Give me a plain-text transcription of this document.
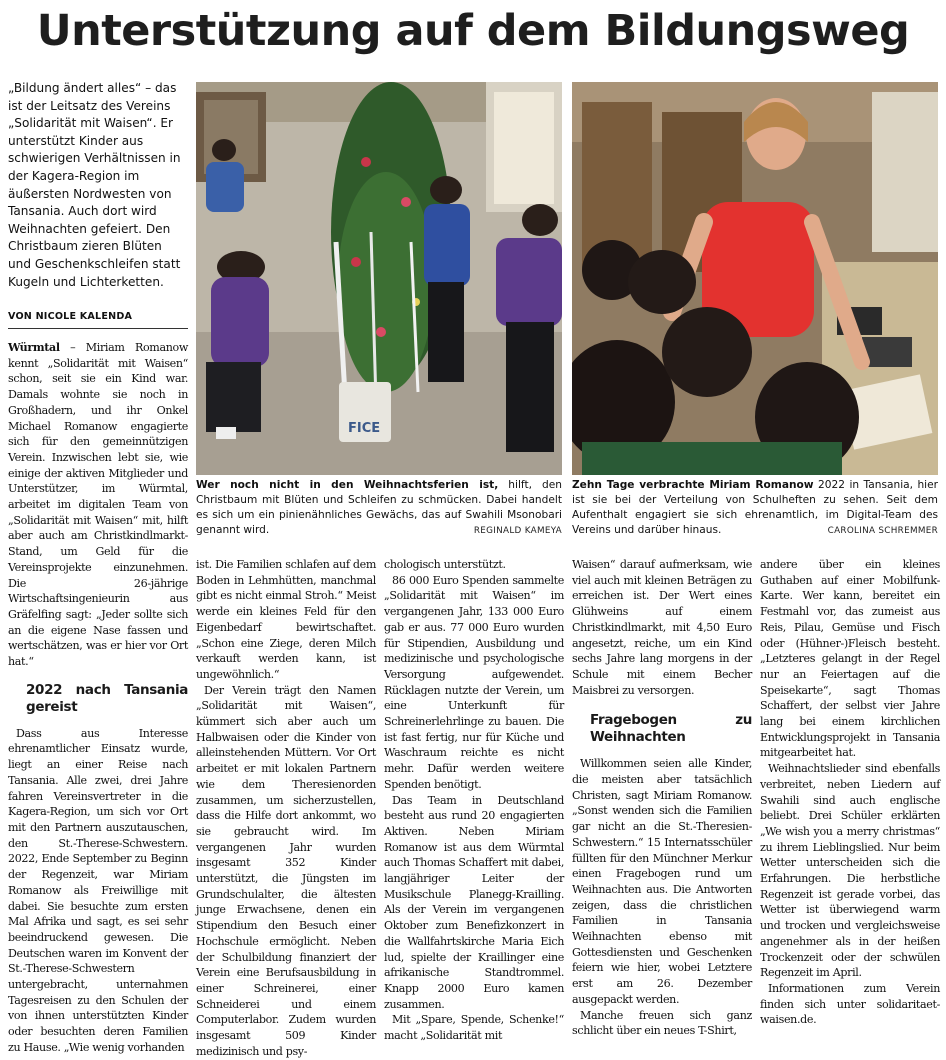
Unterstützung auf dem Bildungsweg
„Bildung ändert alles“ – das ist der Leitsatz des Vereins „Solidarität mit Waisen“. Er unterstützt Kinder aus schwierigen Verhältnissen in der Kagera-Region im äußersten Nordwesten von Tansania. Auch dort wird Weihnachten gefeiert. Den Christbaum zieren Blüten und Geschenkschleifen statt Kugeln und Lichterketten.
VON NICOLE KALENDA
FICE
Wer noch nicht in den Weihnachtsferien ist, hilft, den Christbaum mit Blüten und Schleifen zu schmücken. Dabei handelt es sich um ein pinienähnliches Gewächs, das auf Swahili Msonobari genannt wird.	REGINALD KAMEYA
Zehn Tage verbrachte Miriam Romanow 2022 in Tansania, hier ist sie bei der Verteilung von Schulheften zu sehen. Seit dem Aufenthalt engagiert sie sich ehrenamtlich, im Digital-Team des Vereins und darüber hinaus.	CAROLINA SCHREMMER

Würmtal – Miriam Romanow kennt „Solidarität mit Waisen“ schon, seit sie ein Kind war. Damals wohnte sie noch in Großhadern, und ihr Onkel Michael Romanow engagierte sich für den gemeinnützigen Verein. Inzwischen lebt sie, wie einige der aktiven Mitglieder und Unterstützer, im Würmtal, arbeitet im digitalen Team von „Solidarität mit Waisen“ mit, hilft aber auch am Christkindlmarkt-Stand, um Geld für die Vereinsprojekte einzunehmen. Die 26-jährige Wirtschaftsingenieurin aus Gräfelfing sagt: „Jeder sollte sich an die eigene Nase fassen und wertschätzen, was er hier vor Ort hat.“

2022 nach Tansania gereist

Dass aus Interesse ehrenamtlicher Einsatz wurde, liegt an einer Reise nach Tansania. Alle zwei, drei Jahre fahren Vereinsvertreter in die Kagera-Region, um sich vor Ort mit den Partnern auszutauschen, den St.-Therese-Schwestern. 2022, Ende September zu Beginn der Regenzeit, war Miriam Romanow als Freiwillige mit dabei. Sie besuchte zum ersten Mal Afrika und sagt, es sei sehr beeindruckend gewesen. Die Deutschen waren im Konvent der St.-Therese-Schwestern untergebracht, unternahmen Tagesreisen zu den Schulen der von ihnen unterstützten Kinder oder besuchten deren Familien zu Hause. „Wie wenig vorhanden

ist. Die Familien schlafen auf dem Boden in Lehmhütten, manchmal gibt es nicht einmal Stroh.“ Meist werde ein kleines Feld für den Eigenbedarf bewirtschaftet. „Schon eine Ziege, deren Milch verkauft werden kann, ist ungewöhnlich.“

Der Verein trägt den Namen „Solidarität mit Waisen“, kümmert sich aber auch um Halbwaisen oder die Kinder von alleinstehenden Müttern. Vor Ort arbeitet er mit lokalen Partnern wie dem Theresienorden zusammen, um sicherzustellen, dass die Hilfe dort ankommt, wo sie gebraucht wird. Im vergangenen Jahr wurden insgesamt 352 Kinder unterstützt, die Jüngsten im Grundschulalter, die ältesten junge Erwachsene, denen ein Stipendium den Besuch einer Hochschule ermöglicht. Neben der Schulbildung finanziert der Verein eine Berufsausbildung in einer Schreinerei, einer Schneiderei und einem Computerlabor. Zudem wurden insgesamt 509 Kinder medizinisch und psy-

chologisch unterstützt.

86 000 Euro Spenden sammelte „Solidarität mit Waisen“ im vergangenen Jahr, 133 000 Euro gab er aus. 77 000 Euro wurden für Stipendien, Ausbildung und medizinische und psychologische Versorgung aufgewendet. Rücklagen nutzte der Verein, um eine Unterkunft für Schreinerlehrlinge zu bauen. Die ist fast fertig, nur für Küche und Waschraum reichte es nicht mehr. Dafür werden weitere Spenden benötigt.

Das Team in Deutschland besteht aus rund 20 engagierten Aktiven. Neben Miriam Romanow ist aus dem Würmtal auch Thomas Schaffert mit dabei, langjähriger Leiter der Musikschule Planegg-Krailling. Als der Verein im vergangenen Oktober zum Benefizkonzert in die Wallfahrtskirche Maria Eich lud, spielte der Kraillinger eine afrikanische Standtrommel. Knapp 2000 Euro kamen zusammen.

Mit „Spare, Spende, Schenke!“ macht „Solidarität mit

Waisen“ darauf aufmerksam, wie viel auch mit kleinen Beträgen zu erreichen ist. Der Wert eines Glühweins auf einem Christkindlmarkt, mit 4,50 Euro angesetzt, reiche, um ein Kind sechs Jahre lang morgens in der Schule mit einem Becher Maisbrei zu versorgen.

Fragebogen zu Weihnachten

Willkommen seien alle Kinder, die meisten aber tatsächlich Christen, sagt Miriam Romanow. „Sonst wenden sich die Familien gar nicht an die St.-Theresien-Schwestern.“ 15 Internatsschüler füllten für den Münchner Merkur einen Fragebogen rund um Weihnachten aus. Die Antworten zeigen, dass die christlichen Familien in Tansania Weihnachten ebenso mit Gottesdiensten und Geschenken feiern wie hier, wobei Letztere erst am 26. Dezember ausgepackt werden.

Manche freuen sich ganz schlicht über ein neues T-Shirt,

andere über ein kleines Guthaben auf einer Mobilfunk-Karte. Wer kann, bereitet ein Festmahl vor, das zumeist aus Reis, Pilau, Gemüse und Fisch oder (Hühner-)Fleisch besteht. „Letzteres gelangt in der Regel nur an Feiertagen auf die Speisekarte“, sagt Thomas Schaffert, der selbst vier Jahre lang bei einem kirchlichen Entwicklungsprojekt in Tansania mitgearbeitet hat.

Weihnachtslieder sind ebenfalls verbreitet, neben Liedern auf Swahili sind auch englische beliebt. Drei Schüler erklärten „We wish you a merry christmas“ zu ihrem Lieblingslied. Nur beim Wetter unterscheiden sich die Erfahrungen. Die herbstliche Regenzeit ist gerade vorbei, das Wetter ist überwiegend warm und trocken und vergleichsweise angenehmer als in der heißen Trockenzeit oder der schwülen Regenzeit im April.

Informationen zum Verein finden sich unter solidaritaet-waisen.de.
